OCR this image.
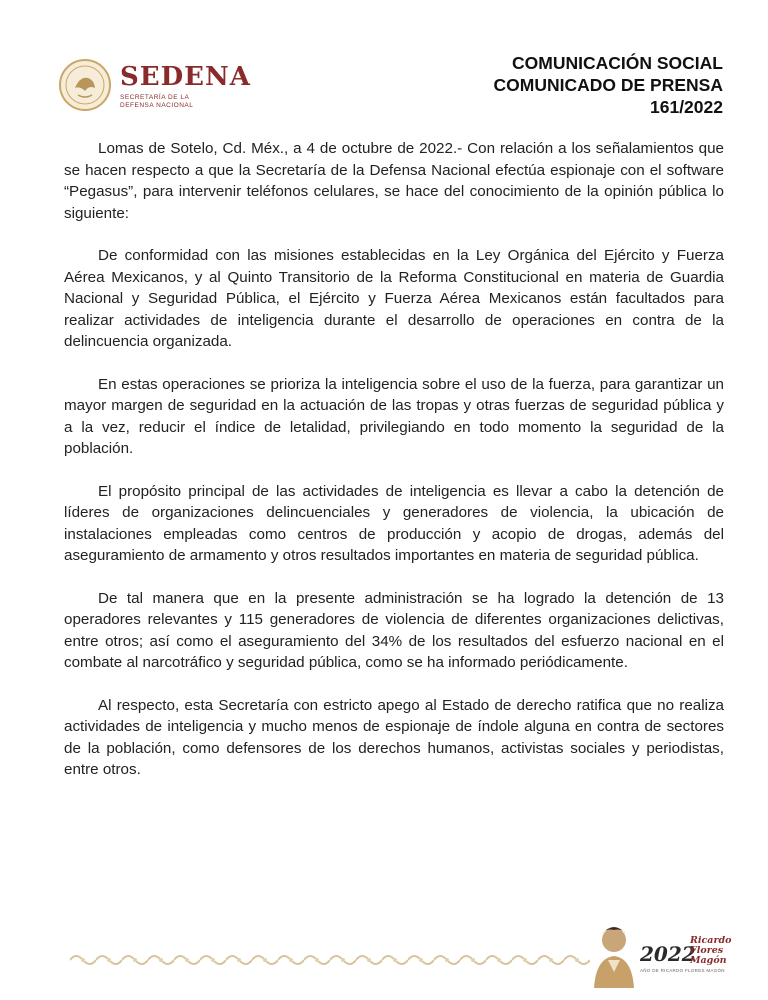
SEDENA
SECRETARÍA DE LA
DEFENSA NACIONAL
COMUNICACIÓN SOCIAL
COMUNICADO DE PRENSA
161/2022

Lomas de Sotelo, Cd. Méx., a 4 de octubre de 2022.- Con relación a los señalamientos que se hacen respecto a que la Secretaría de la Defensa Nacional efectúa espionaje con el software “Pegasus”, para intervenir teléfonos celulares, se hace del conocimiento de la opinión pública lo siguiente:

De conformidad con las misiones establecidas en la Ley Orgánica del Ejército y Fuerza Aérea Mexicanos, y al Quinto Transitorio de la Reforma Constitucional en materia de Guardia Nacional y Seguridad Pública, el Ejército y Fuerza Aérea Mexicanos están facultados para realizar actividades de inteligencia durante el desarrollo de operaciones en contra de la delincuencia organizada.

En estas operaciones se prioriza la inteligencia sobre el uso de la fuerza, para garantizar un mayor margen de seguridad en la actuación de las tropas y otras fuerzas de seguridad pública y a la vez, reducir el índice de letalidad, privilegiando en todo momento la seguridad de la población.

El propósito principal de las actividades de inteligencia es llevar a cabo la detención de líderes de organizaciones delincuenciales y generadores de violencia, la ubicación de instalaciones empleadas como centros de producción y acopio de drogas, además del aseguramiento de armamento y otros resultados importantes en materia de seguridad pública.

De tal manera que en la presente administración se ha logrado la detención de 13 operadores relevantes y 115 generadores de violencia de diferentes organizaciones delictivas, entre otros; así como el aseguramiento del 34% de los resultados del esfuerzo nacional en el combate al narcotráfico y seguridad pública, como se ha informado periódicamente.

Al respecto, esta Secretaría con estricto apego al Estado de derecho ratifica que no realiza actividades de inteligencia y mucho menos de espionaje de índole alguna en contra de sectores de la población, como defensores de los derechos humanos, activistas sociales y periodistas, entre otros.

2022
Ricardo
Flores
Magón
AÑO DE RICARDO FLORES MAGÓN
